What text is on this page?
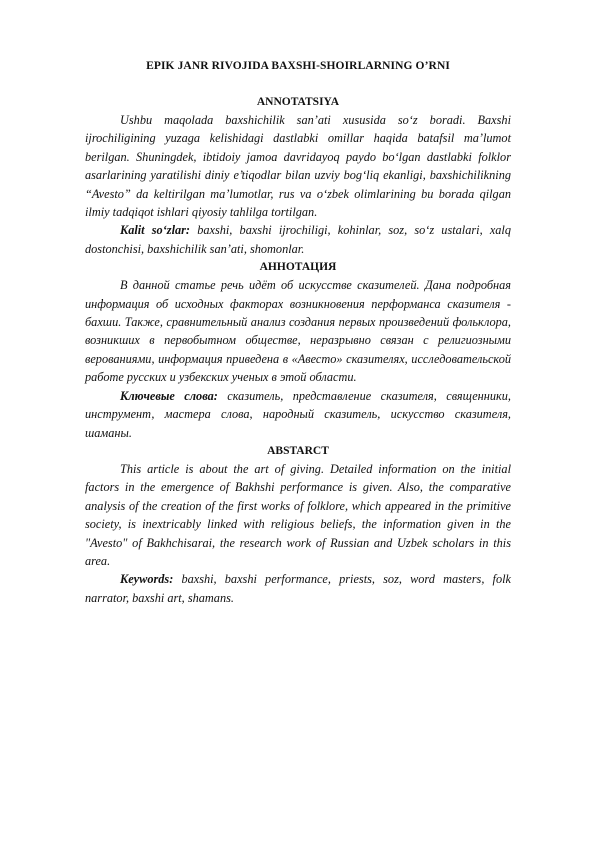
EPIK JANR RIVOJIDA BAXSHI-SHOIRLARNING O’RNI
ANNOTATSIYA

Ushbu maqolada baxshichilik san’ati xususida so‘z boradi. Baxshi ijrochiligining yuzaga kelishidagi dastlabki omillar haqida batafsil ma’lumot berilgan. Shuningdek, ibtidoiy jamoa davridayoq paydo bo‘lgan dastlabki folklor asarlarining yaratilishi diniy e’tiqodlar bilan uzviy bog‘liq ekanligi, baxshichilikning “Avesto” da keltirilgan ma’lumotlar, rus va o‘zbek olimlarining bu borada qilgan ilmiy tadqiqot ishlari qiyosiy tahlilga tortilgan.

Kalit so‘zlar: baxshi, baxshi ijrochiligi, kohinlar, soz, so‘z ustalari, xalq dostonchisi, baxshichilik san’ati, shomonlar.

АННОТАЦИЯ

В данной статье речь идёт об искусстве сказителей. Дана подробная информация об исходных факторах возникновения перформанса сказителя - бахши. Также, сравнительный анализ создания первых произведений фольклора, возникших в первобытном обществе, неразрывно связан с религиозными верованиями, информация приведена в «Авесто» сказителях, исследовательской работе русских и узбекских ученых в этой области.

Ключевые слова: сказитель, представление сказителя, священники, инструмент, мастера слова, народный сказитель, искусство сказителя, шаманы.

ABSTARCT

This article is about the art of giving. Detailed information on the initial factors in the emergence of Bakhshi performance is given. Also, the comparative analysis of the creation of the first works of folklore, which appeared in the primitive society, is inextricably linked with religious beliefs, the information given in the "Avesto" of Bakhchisarai, the research work of Russian and Uzbek scholars in this area.

Keywords: baxshi, baxshi performance, priests, soz, word masters, folk narrator, baxshi art, shamans.
